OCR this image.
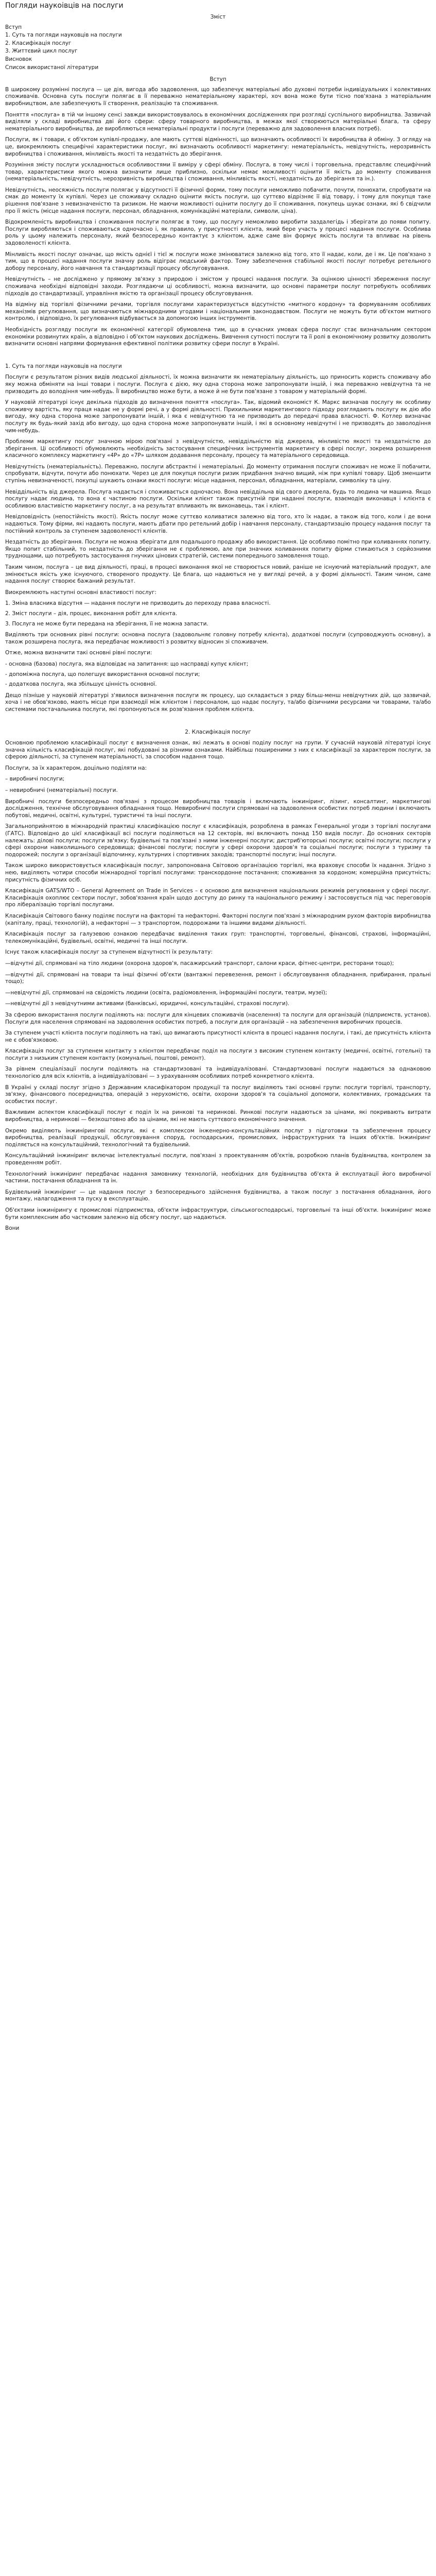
Погляди наукоівців на послуги
Зміст
Вступ
1. Суть та погляди науковців на послуги
2. Класифікація послуг
3. Життєвий цикл послуг
Висновок
Список використаної літератури
Вступ

В широкому розумінні послуга — це дія, вигода або задоволення, що забезпечує матеріальні або духовні потреби індивідуальних і колективних споживачів. Основна суть послуги полягає в її переважно нематеріальному характері, хоч вона може бути тісно пов'язана з матеріальним виробництвом, але забезпечують її створення, реалізацію та споживання.

Поняття «послуга» в тій чи іншому сенсі завжди використовувалось в економічних дослідженнях при розгляді суспільного виробництва. Зазвичай виділяли у складі виробництва дві його сфери: сферу товарного виробництва, в межах якої створюються матеріальні блага, та сферу нематеріального виробництва, де виробляються нематеріальні продукти і послуги (переважно для задоволення власних потреб).

Послуги, як і товари, є об'єктом купівлі-продажу, але мають суттєві відмінності, що визначають особливості їх виробництва й обміну. З огляду на це, виокремлюють специфічні характеристики послуг, які визначають особливості маркетингу: нематеріальність, невідчутність, нерозривність виробництва і споживання, мінливість якості та нездатність до зберігання.

Розуміння змісту послуги ускладнюється особливостями її виміру у сфері обміну. Послуга, в тому числі і торговельна, представляє специфічний товар, характеристики якого можна визначити лише приблизно, оскільки немає можливості оцінити її якість до моменту споживання (нематеріальність, невідчутність, нерозривність виробництва і споживання, мінливість якості, нездатність до зберігання та ін.).

Невідчутність, неосяжність послуги полягає у відсутності її фізичної форми, тому послуги неможливо побачити, почути, понюхати, спробувати на смак до моменту їх купівлі. Через це споживачу складно оцінити якість послуги, що суттєво відрізняє її від товару, і тому для покупця таке рішення пов'язане з невизначеністю та ризиком. Не маючи можливості оцінити послугу до її споживання, покупець шукає ознаки, які б свідчили про її якість (місце надання послуги, персонал, обладнання, комунікаційні матеріали, символи, ціна).

Відокремленість виробництва і споживання послуги полягає в тому, що послугу неможливо виробити заздалегідь і зберігати до появи попиту. Послуги виробляються і споживаються одночасно і, як правило, у присутності клієнта, який бере участь у процесі надання послуги. Особлива роль у цьому належить персоналу, який безпосередньо контактує з клієнтом, адже саме він формує якість послуги та впливає на рівень задоволеності клієнта.

Мінливість якості послуг означає, що якість однієї і тієї ж послуги може змінюватися залежно від того, хто її надає, коли, де і як. Це пов'язано з тим, що в процесі надання послуги значну роль відіграє людський фактор. Тому забезпечення стабільної якості послуг потребує ретельного добору персоналу, його навчання та стандартизації процесу обслуговування.

Невідчутність – не досліджено у прямому зв'язку з природою і змістом у процесі надання послуги. За оцінкою цінності збереження послуг споживача необхідні відповідні заходи. Розглядаючи ці особливості, можна визначити, що основні параметри послуг потребують особливих підходів до стандартизації, управління якістю та організації процесу обслуговування.

На відміну від торгівлі фізичними речами, торгівля послугами характеризується відсутністю «митного кордону» та формуванням особливих механізмів регулювання, що визначаються міжнародними угодами і національним законодавством. Послуги не можуть бути об'єктом митного контролю, і відповідно, їх регулювання відбувається за допомогою інших інструментів.

Необхідність розгляду послуги як економічної категорії обумовлена тим, що в сучасних умовах сфера послуг стає визначальним сектором економіки розвинутих країн, а відповідно і об'єктом наукових досліджень. Вивчення сутності послуги та її ролі в економічному розвитку дозволить визначити основні напрями формування ефективної політики розвитку сфери послуг в Україні.

1. Суть та погляди науковців на послуги

Послуги є результатом різних видів людської діяльності, їх можна визначити як нематеріальну діяльність, що приносить користь споживачу або яку можна обміняти на інші товари і послуги. Послуга є дією, яку одна сторона може запропонувати іншій, і яка переважно невідчутна та не призводить до володіння чим-небудь. Її виробництво може бути, а може й не бути пов'язане з товаром у матеріальній формі.

У науковій літературі існує декілька підходів до визначення поняття «послуга». Так, відомий економіст К. Маркс визначав послугу як особливу споживчу вартість, яку праця надає не у формі речі, а у формі діяльності. Прихильники маркетингового підходу розглядають послугу як дію або вигоду, яку одна сторона може запропонувати іншій, і яка є невідчутною та не призводить до передачі права власності. Ф. Котлер визначає послугу як будь-який захід або вигоду, що одна сторона може запропонувати іншій, і які в основному невідчутні і не призводять до заволодіння чим-небудь.

Проблеми маркетингу послуг значною мірою пов'язані з невідчутністю, невіддільністю від джерела, мінливістю якості та нездатністю до зберігання. Ці особливості обумовлюють необхідність застосування специфічних інструментів маркетингу в сфері послуг, зокрема розширення класичного комплексу маркетингу «4Р» до «7Р» шляхом додавання персоналу, процесу та матеріального середовища.

Невідчутність (нематеріальність). Переважно, послуги абстрактні і нематеріальні. До моменту отримання послуги споживач не може її побачити, спробувати, відчути, почути або понюхати. Через це для покупця послуги ризик придбання значно вищий, ніж при купівлі товару. Щоб зменшити ступінь невизначеності, покупці шукають ознаки якості послуги: місце надання, персонал, обладнання, матеріали, символіку та ціну.

Невіддільність від джерела. Послуга надається і споживається одночасно. Вона невіддільна від свого джерела, будь то людина чи машина. Якщо послугу надає людина, то вона є частиною послуги. Оскільки клієнт також присутній при наданні послуги, взаємодія виконавця і клієнта є особливою властивістю маркетингу послуг, а на результат впливають як виконавець, так і клієнт.

Невідповідність (непостійність якості). Якість послуг може суттєво коливатися залежно від того, хто їх надає, а також від того, коли і де вони надаються. Тому фірми, які надають послуги, мають дбати про ретельний добір і навчання персоналу, стандартизацію процесу надання послуг та постійний контроль за ступенем задоволеності клієнтів.

Нездатність до зберігання. Послуги не можна зберігати для подальшого продажу або використання. Це особливо помітно при коливаннях попиту. Якщо попит стабільний, то нездатність до зберігання не є проблемою, але при значних коливаннях попиту фірми стикаються з серйозними труднощами, що потребують застосування гнучких цінових стратегій, системи попереднього замовлення тощо.

Таким чином, послуга – це вид діяльності, праці, в процесі виконання якої не створюється новий, раніше не існуючий матеріальний продукт, але змінюється якість уже існуючого, створеного продукту. Це блага, що надаються не у вигляді речей, а у формі діяльності. Таким чином, саме надання послуг створює бажаний результат.

Виокремлюють наступні основні властивості послуг:

1. Зміна власника відсутня — надання послуги не призводить до переходу права власності.
2. Зміст послуги – дія, процес, виконання робіт для клієнта.
3. Послуга не може бути передана на зберігання, її не можна запасти.

Виділяють три основних рівні послуги: основна послуга (задовольняє головну потребу клієнта), додаткові послуги (супроводжують основну), а також розширена послуга, яка передбачає можливості з розвитку відносин зі споживачем.

Отже, можна визначити такі основні рівні послуги:

- основна (базова) послуга, яка відповідає на запитання: що насправді купує клієнт;
- допоміжна послуга, що полегшує використання основної послуги;
- додаткова послуга, яка збільшує цінність основної.

Дещо пізніше у науковій літературі з'явилося визначення послуги як процесу, що складається з ряду більш-менш невідчутних дій, що зазвичай, хоча і не обов'язково, мають місце при взаємодії між клієнтом і персоналом, що надає послугу, та/або фізичними ресурсами чи товарами, та/або системами постачальника послуги, які пропонуються як розв'язання проблем клієнта.

2. Класифікація послуг

Основною проблемою класифікації послуг є визначення ознак, які лежать в основі поділу послуг на групи. У сучасній науковій літературі існує значна кількість класифікацій послуг, які побудовані за різними ознаками. Найбільш поширеними з них є класифікації за характером послуги, за сферою діяльності, за ступенем матеріальності, за способом надання тощо.

Послуги, за їх характером, доцільно поділяти на:

– виробничі послуги;

– невиробничі (нематеріальні) послуги.

Виробничі послуги безпосередньо пов'язані з процесом виробництва товарів і включають інжиніринг, лізинг, консалтинг, маркетингові дослідження, технічне обслуговування обладнання тощо. Невиробничі послуги спрямовані на задоволення особистих потреб людини і включають побутові, медичні, освітні, культурні, туристичні та інші послуги.

Загальноприйнятою в міжнародній практиці класифікацією послуг є класифікація, розроблена в рамках Генеральної угоди з торгівлі послугами (ГАТС). Відповідно до цієї класифікації всі послуги поділяються на 12 секторів, які включають понад 150 видів послуг. До основних секторів належать: ділові послуги; послуги зв'язку; будівельні та пов'язані з ними інженерні послуги; дистриб'юторські послуги; освітні послуги; послуги у сфері охорони навколишнього середовища; фінансові послуги; послуги у сфері охорони здоров'я та соціальні послуги; послуги з туризму та подорожей; послуги з організації відпочинку, культурних і спортивних заходів; транспортні послуги; інші послуги.

Також широко використовується класифікація послуг, запропонована Світовою організацією торгівлі, яка враховує способи їх надання. Згідно з нею, виділяють чотири способи міжнародної торгівлі послугами: транскордонне постачання; споживання за кордоном; комерційна присутність; присутність фізичних осіб.

Класифікація GATS/WTO – General Agreement on Trade in Services – є основою для визначення національних режимів регулювання у сфері послуг. Класифікація охоплює сектори послуг, зобов'язання країн щодо доступу до ринку та національного режиму і застосовується під час переговорів про лібералізацію торгівлі послугами.

Класифікація Світового банку поділяє послуги на факторні та нефакторні. Факторні послуги пов'язані з міжнародним рухом факторів виробництва (капіталу, праці, технологій), а нефакторні — з транспортом, подорожами та іншими видами діяльності.

Класифікація послуг за галузевою ознакою передбачає виділення таких груп: транспортні, торговельні, фінансові, страхові, інформаційні, телекомунікаційні, будівельні, освітні, медичні та інші послуги.

Існує також класифікація послуг за ступенем відчутності їх результату:

—відчутні дії, спрямовані на тіло людини (охорона здоров'я, пасажирський транспорт, салони краси, фітнес-центри, ресторани тощо);

—відчутні дії, спрямовані на товари та інші фізичні об'єкти (вантажні перевезення, ремонт і обслуговування обладнання, прибирання, пральні тощо);

—невідчутні дії, спрямовані на свідомість людини (освіта, радіомовлення, інформаційні послуги, театри, музеї);

—невідчутні дії з невідчутними активами (банківські, юридичні, консультаційні, страхові послуги).

За сферою використання послуги поділяють на: послуги для кінцевих споживачів (населення) та послуги для організацій (підприємств, установ). Послуги для населення спрямовані на задоволення особистих потреб, а послуги для організацій – на забезпечення виробничих процесів.

За ступенем участі клієнта послуги поділяють на такі, що вимагають присутності клієнта в процесі надання послуги, і такі, де присутність клієнта не є обов'язковою.

Класифікація послуг за ступенем контакту з клієнтом передбачає поділ на послуги з високим ступенем контакту (медичні, освітні, готельні) та послуги з низьким ступенем контакту (комунальні, поштові, ремонт).

За рівнем спеціалізації послуги поділяють на стандартизовані та індивідуалізовані. Стандартизовані послуги надаються за однаковою технологією для всіх клієнтів, а індивідуалізовані — з урахуванням особливих потреб конкретного клієнта.

В Україні у складі послуг згідно з Державним класифікатором продукції та послуг виділяють такі основні групи: послуги торгівлі, транспорту, зв'язку, фінансового посередництва, операцій з нерухомістю, освіти, охорони здоров'я та соціальної допомоги, колективних, громадських та особистих послуг.

Важливим аспектом класифікації послуг є поділ їх на ринкові та неринкові. Ринкові послуги надаються за цінами, які покривають витрати виробництва, а неринкові — безкоштовно або за цінами, які не мають суттєвого економічного значення.

Окремо виділяють інжинірингові послуги, які є комплексом інженерно-консультаційних послуг з підготовки та забезпечення процесу виробництва, реалізації продукції, обслуговування споруд, господарських, промислових, інфраструктурних та інших об'єктів. Інжиніринг поділяється на консультаційний, технологічний та будівельний.

Консультаційний інжиніринг включає інтелектуальні послуги, пов'язані з проектуванням об'єктів, розробкою планів будівництва, контролем за проведенням робіт.

Технологічний інжиніринг передбачає надання замовнику технологій, необхідних для будівництва об'єкта й експлуатації його виробничої частини, постачання обладнання та ін.

Будівельний інжиніринг — це надання послуг з безпосереднього здійснення будівництва, а також послуг з постачання обладнання, його монтажу, налагодження та пуску в експлуатацію.

Об'єктами інжинірингу є промислові підприємства, об'єкти інфраструктури, сільськогосподарські, торговельні та інші об'єкти. Інжиніринг може бути комплексним або частковим залежно від обсягу послуг, що надаються.

Вони
